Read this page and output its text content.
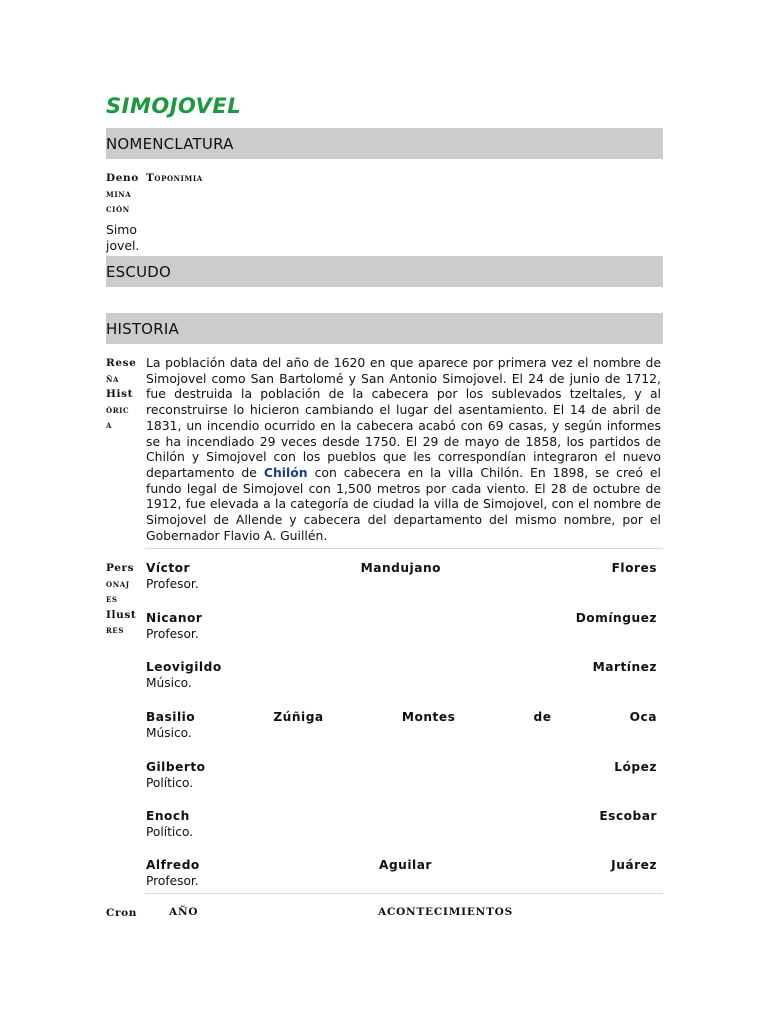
SIMOJOVEL
NOMENCLATURA
Deno
mina
ción
Toponimia
Simo
jovel.
ESCUDO
HISTORIA
Rese
ña
Hist
óric
a
La población data del año de 1620 en que aparece por primera vez el nombre de Simojovel como San Bartolomé y San Antonio Simojovel. El 24 de junio de 1712, fue destruida la población de la cabecera por los sublevados tzeltales, y al reconstruirse lo hicieron cambiando el lugar del asentamiento. El 14 de abril de 1831, un incendio ocurrido en la cabecera acabó con 69 casas, y según informes se ha incendiado 29 veces desde 1750. El 29 de mayo de 1858, los partidos de Chilón y Simojovel con los pueblos que les correspondían integraron el nuevo departamento de Chilón con cabecera en la villa Chilón. En 1898, se creó el fundo legal de Simojovel con 1,500 metros por cada viento. El 28 de octubre de 1912, fue elevada a la categoría de ciudad la villa de Simojovel, con el nombre de Simojovel de Allende y cabecera del departamento del mismo nombre, por el Gobernador Flavio A. Guillén.
Pers
onaj
es
Ilust
res
Víctor	Mandujano	Flores
Profesor.
Nicanor	Domínguez
Profesor.
Leovigildo	Martínez
Músico.
Basilio	Zúñiga	Montes	de	Oca
Músico.
Gilberto	López
Político.
Enoch	Escobar
Político.
Alfredo	Aguilar	Juárez
Profesor.
Cron	AÑO	ACONTECIMIENTOS
